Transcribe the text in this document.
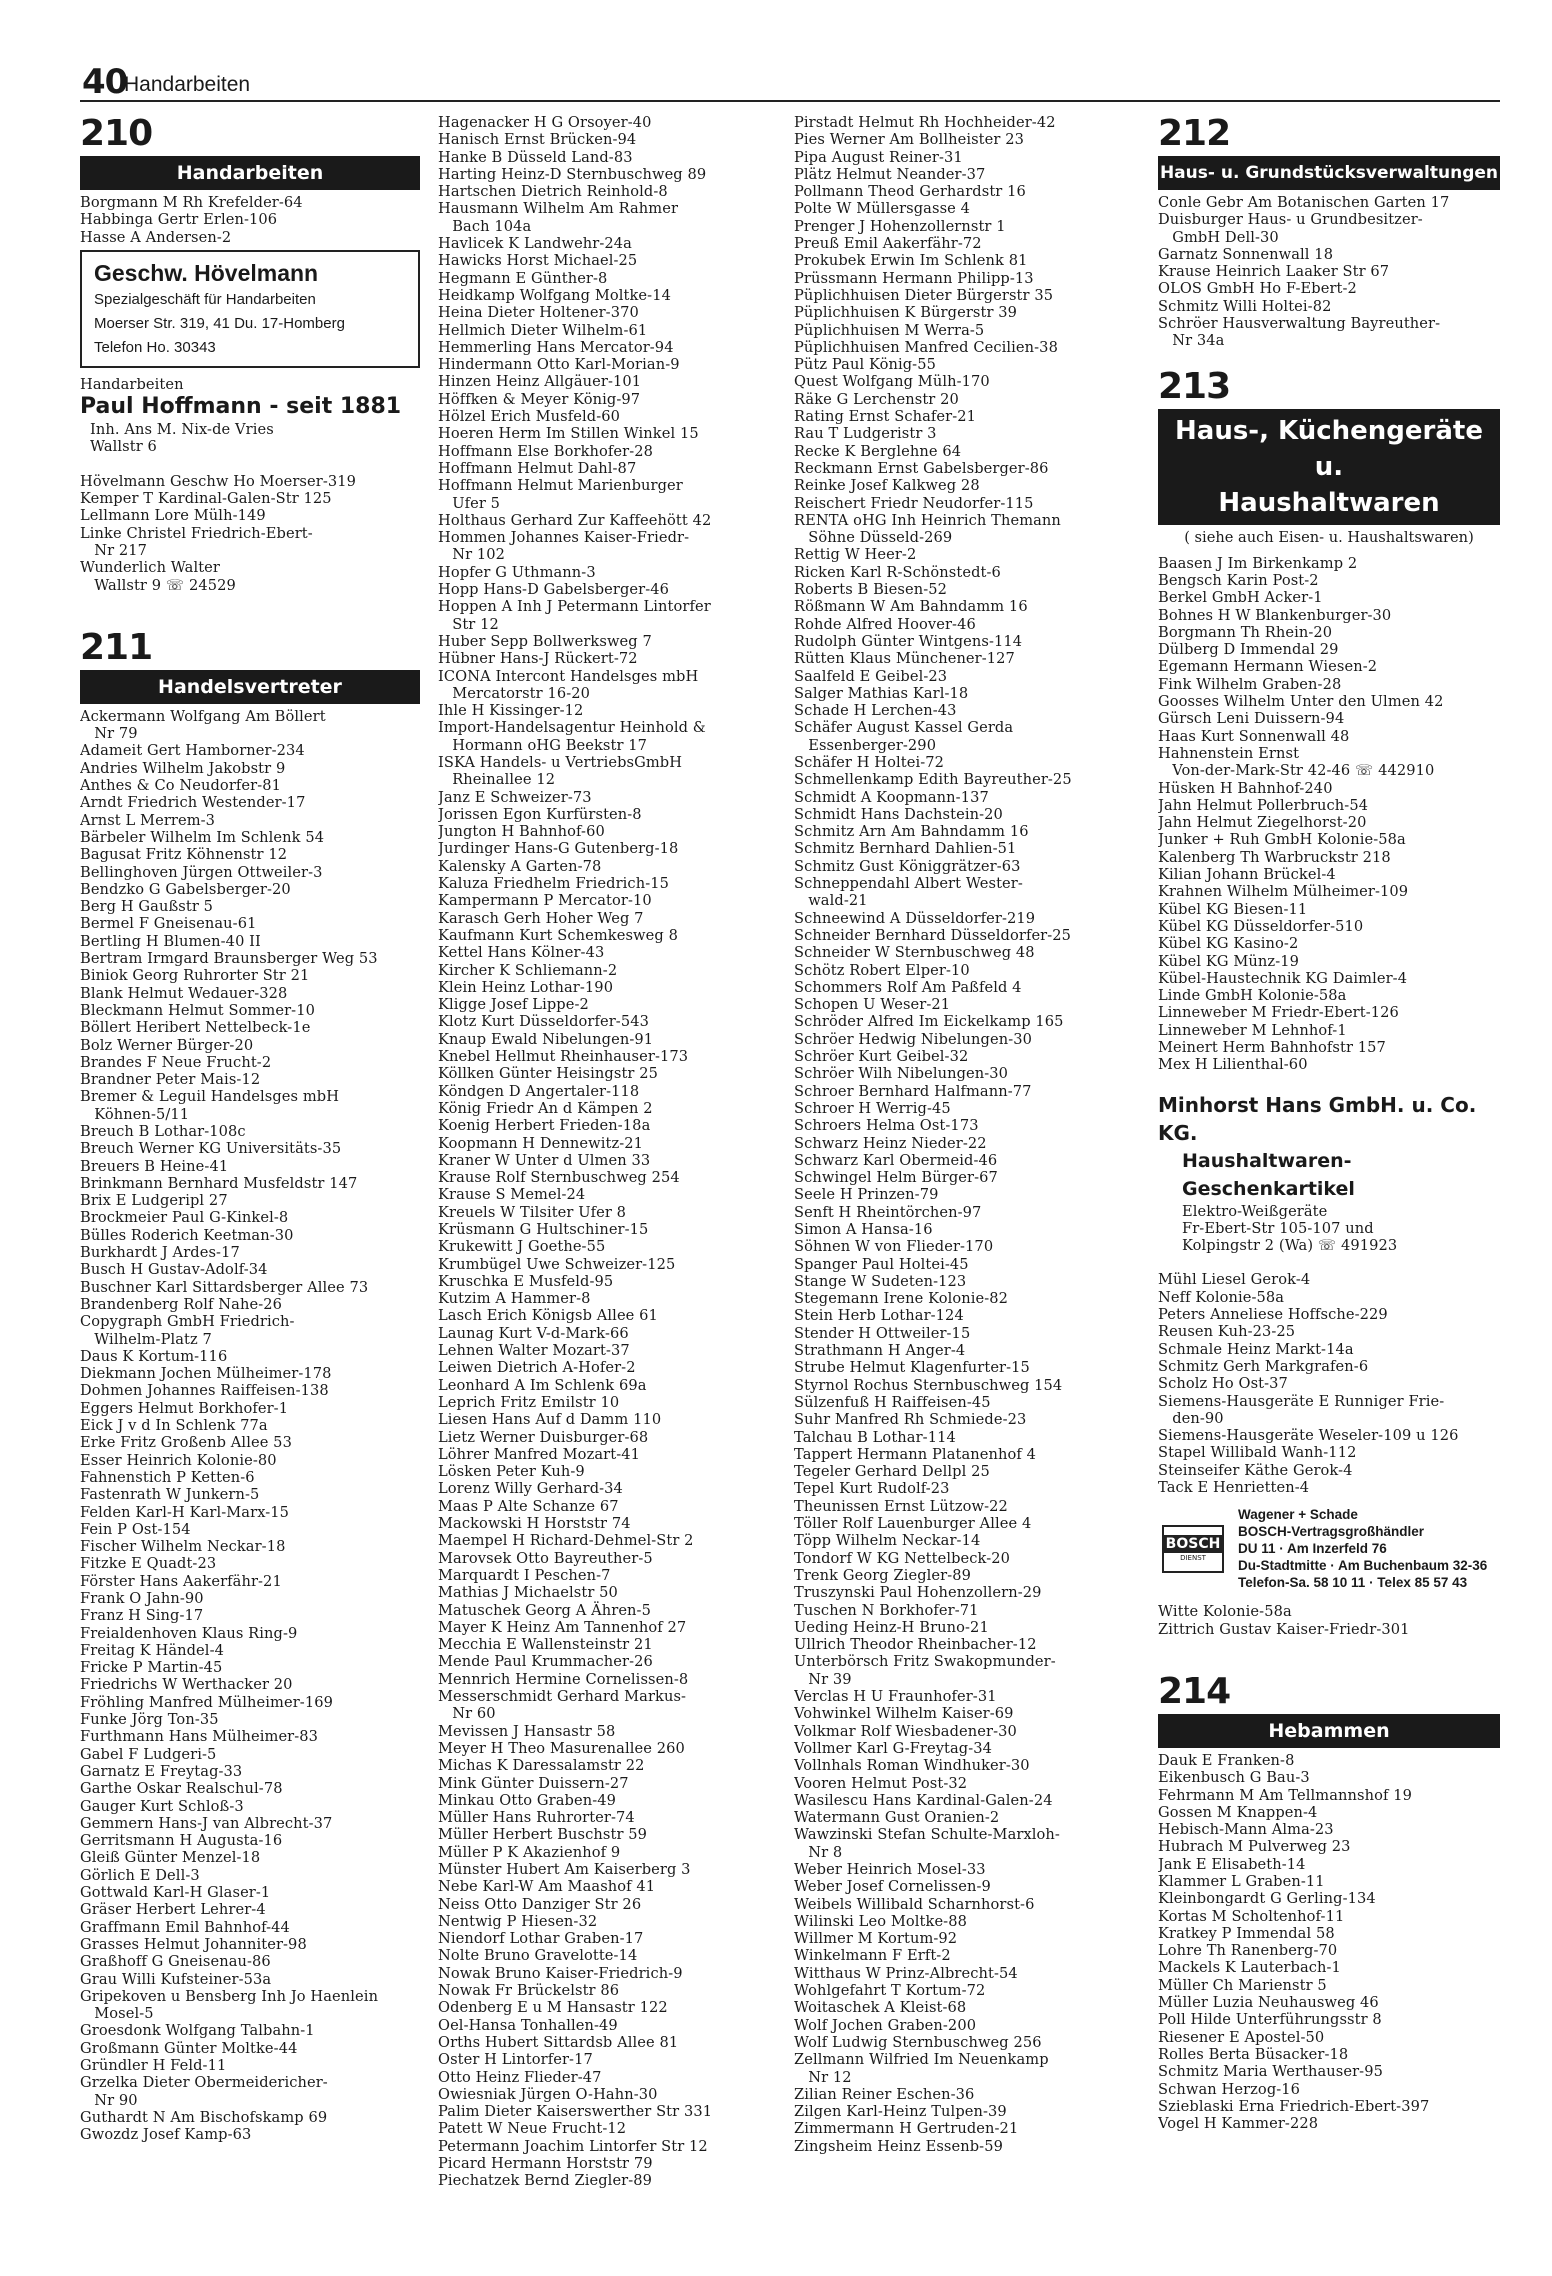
40
Handarbeiten
210
Handarbeiten
Borgmann M Rh Krefelder-64
Habbinga Gertr Erlen-106
Hasse A Andersen-2
Geschw. Hövelmann
Spezialgeschäft für Handarbeiten
Moerser Str. 319, 41 Du. 17-Homberg
Telefon Ho. 30343
Handarbeiten
Paul Hoffmann - seit 1881
Inh. Ans M. Nix-de Vries
Wallstr 6
Hövelmann Geschw Ho Moerser-319
Kemper T Kardinal-Galen-Str 125
Lellmann Lore Mülh-149
Linke Christel Friedrich-Ebert-
Nr 217
Wunderlich Walter
Wallstr 9 ☏ 24529
211
Handelsvertreter
Ackermann Wolfgang Am Böllert
Nr 79
Adameit Gert Hamborner-234
Andries Wilhelm Jakobstr 9
Anthes & Co Neudorfer-81
Arndt Friedrich Westender-17
Arnst L Merrem-3
Bärbeler Wilhelm Im Schlenk 54
Bagusat Fritz Köhnenstr 12
Bellinghoven Jürgen Ottweiler-3
Bendzko G Gabelsberger-20
Berg H Gaußstr 5
Bermel F Gneisenau-61
Bertling H Blumen-40 II
Bertram Irmgard Braunsberger Weg 53
Biniok Georg Ruhrorter Str 21
Blank Helmut Wedauer-328
Bleckmann Helmut Sommer-10
Böllert Heribert Nettelbeck-1e
Bolz Werner Bürger-20
Brandes F Neue Frucht-2
Brandner Peter Mais-12
Bremer & Leguil Handelsges mbH
Köhnen-5/11
Breuch B Lothar-108c
Breuch Werner KG Universitäts-35
Breuers B Heine-41
Brinkmann Bernhard Musfeldstr 147
Brix E Ludgeripl 27
Brockmeier Paul G-Kinkel-8
Bülles Roderich Keetman-30
Burkhardt J Ardes-17
Busch H Gustav-Adolf-34
Buschner Karl Sittardsberger Allee 73
Brandenberg Rolf Nahe-26
Copygraph GmbH Friedrich-
Wilhelm-Platz 7
Daus K Kortum-116
Diekmann Jochen Mülheimer-178
Dohmen Johannes Raiffeisen-138
Eggers Helmut Borkhofer-1
Eick J v d In Schlenk 77a
Erke Fritz Großenb Allee 53
Esser Heinrich Kolonie-80
Fahnenstich P Ketten-6
Fastenrath W Junkern-5
Felden Karl-H Karl-Marx-15
Fein P Ost-154
Fischer Wilhelm Neckar-18
Fitzke E Quadt-23
Förster Hans Aakerfähr-21
Frank O Jahn-90
Franz H Sing-17
Freialdenhoven Klaus Ring-9
Freitag K Händel-4
Fricke P Martin-45
Friedrichs W Werthacker 20
Fröhling Manfred Mülheimer-169
Funke Jörg Ton-35
Furthmann Hans Mülheimer-83
Gabel F Ludgeri-5
Garnatz E Freytag-33
Garthe Oskar Realschul-78
Gauger Kurt Schloß-3
Gemmern Hans-J van Albrecht-37
Gerritsmann H Augusta-16
Gleiß Günter Menzel-18
Görlich E Dell-3
Gottwald Karl-H Glaser-1
Gräser Herbert Lehrer-4
Graffmann Emil Bahnhof-44
Grasses Helmut Johanniter-98
Graßhoff G Gneisenau-86
Grau Willi Kufsteiner-53a
Gripekoven u Bensberg Inh Jo Haenlein
Mosel-5
Groesdonk Wolfgang Talbahn-1
Großmann Günter Moltke-44
Gründler H Feld-11
Grzelka Dieter Obermeidericher-
Nr 90
Guthardt N Am Bischofskamp 69
Gwozdz Josef Kamp-63
Hagenacker H G Orsoyer-40
Hanisch Ernst Brücken-94
Hanke B Düsseld Land-83
Harting Heinz-D Sternbuschweg 89
Hartschen Dietrich Reinhold-8
Hausmann Wilhelm Am Rahmer
Bach 104a
Havlicek K Landwehr-24a
Hawicks Horst Michael-25
Hegmann E Günther-8
Heidkamp Wolfgang Moltke-14
Heina Dieter Holtener-370
Hellmich Dieter Wilhelm-61
Hemmerling Hans Mercator-94
Hindermann Otto Karl-Morian-9
Hinzen Heinz Allgäuer-101
Höffken & Meyer König-97
Hölzel Erich Musfeld-60
Hoeren Herm Im Stillen Winkel 15
Hoffmann Else Borkhofer-28
Hoffmann Helmut Dahl-87
Hoffmann Helmut Marienburger
Ufer 5
Holthaus Gerhard Zur Kaffeehött 42
Hommen Johannes Kaiser-Friedr-
Nr 102
Hopfer G Uthmann-3
Hopp Hans-D Gabelsberger-46
Hoppen A Inh J Petermann Lintorfer
Str 12
Huber Sepp Bollwerksweg 7
Hübner Hans-J Rückert-72
ICONA Intercont Handelsges mbH
Mercatorstr 16-20
Ihle H Kissinger-12
Import-Handelsagentur Heinhold &
Hormann oHG Beekstr 17
ISKA Handels- u VertriebsGmbH
Rheinallee 12
Janz E Schweizer-73
Jorissen Egon Kurfürsten-8
Jungton H Bahnhof-60
Jurdinger Hans-G Gutenberg-18
Kalensky A Garten-78
Kaluza Friedhelm Friedrich-15
Kampermann P Mercator-10
Karasch Gerh Hoher Weg 7
Kaufmann Kurt Schemkesweg 8
Kettel Hans Kölner-43
Kircher K Schliemann-2
Klein Heinz Lothar-190
Kligge Josef Lippe-2
Klotz Kurt Düsseldorfer-543
Knaup Ewald Nibelungen-91
Knebel Hellmut Rheinhauser-173
Köllken Günter Heisingstr 25
Köndgen D Angertaler-118
König Friedr An d Kämpen 2
Koenig Herbert Frieden-18a
Koopmann H Dennewitz-21
Kraner W Unter d Ulmen 33
Krause Rolf Sternbuschweg 254
Krause S Memel-24
Kreuels W Tilsiter Ufer 8
Krüsmann G Hultschiner-15
Krukewitt J Goethe-55
Krumbügel Uwe Schweizer-125
Kruschka E Musfeld-95
Kutzim A Hammer-8
Lasch Erich Königsb Allee 61
Launag Kurt V-d-Mark-66
Lehnen Walter Mozart-37
Leiwen Dietrich A-Hofer-2
Leonhard A Im Schlenk 69a
Leprich Fritz Emilstr 10
Liesen Hans Auf d Damm 110
Lietz Werner Duisburger-68
Löhrer Manfred Mozart-41
Lösken Peter Kuh-9
Lorenz Willy Gerhard-34
Maas P Alte Schanze 67
Mackowski H Horststr 74
Maempel H Richard-Dehmel-Str 2
Marovsek Otto Bayreuther-5
Marquardt I Peschen-7
Mathias J Michaelstr 50
Matuschek Georg A Ähren-5
Mayer K Heinz Am Tannenhof 27
Mecchia E Wallensteinstr 21
Mende Paul Krummacher-26
Mennrich Hermine Cornelissen-8
Messerschmidt Gerhard Markus-
Nr 60
Mevissen J Hansastr 58
Meyer H Theo Masurenallee 260
Michas K Daressalamstr 22
Mink Günter Duissern-27
Minkau Otto Graben-49
Müller Hans Ruhrorter-74
Müller Herbert Buschstr 59
Müller P K Akazienhof 9
Münster Hubert Am Kaiserberg 3
Nebe Karl-W Am Maashof 41
Neiss Otto Danziger Str 26
Nentwig P Hiesen-32
Niendorf Lothar Graben-17
Nolte Bruno Gravelotte-14
Nowak Bruno Kaiser-Friedrich-9
Nowak Fr Brückelstr 86
Odenberg E u M Hansastr 122
Oel-Hansa Tonhallen-49
Orths Hubert Sittardsb Allee 81
Oster H Lintorfer-17
Otto Heinz Flieder-47
Owiesniak Jürgen O-Hahn-30
Palim Dieter Kaiserswerther Str 331
Patett W Neue Frucht-12
Petermann Joachim Lintorfer Str 12
Picard Hermann Horststr 79
Piechatzek Bernd Ziegler-89
Pirstadt Helmut Rh Hochheider-42
Pies Werner Am Bollheister 23
Pipa August Reiner-31
Plätz Helmut Neander-37
Pollmann Theod Gerhardstr 16
Polte W Müllersgasse 4
Prenger J Hohenzollernstr 1
Preuß Emil Aakerfähr-72
Prokubek Erwin Im Schlenk 81
Prüssmann Hermann Philipp-13
Püplichhuisen Dieter Bürgerstr 35
Püplichhuisen K Bürgerstr 39
Püplichhuisen M Werra-5
Püplichhuisen Manfred Cecilien-38
Pütz Paul König-55
Quest Wolfgang Mülh-170
Räke G Lerchenstr 20
Rating Ernst Schafer-21
Rau T Ludgeristr 3
Recke K Berglehne 64
Reckmann Ernst Gabelsberger-86
Reinke Josef Kalkweg 28
Reischert Friedr Neudorfer-115
RENTA oHG Inh Heinrich Themann
Söhne Düsseld-269
Rettig W Heer-2
Ricken Karl R-Schönstedt-6
Roberts B Biesen-52
Rößmann W Am Bahndamm 16
Rohde Alfred Hoover-46
Rudolph Günter Wintgens-114
Rütten Klaus Münchener-127
Saalfeld E Geibel-23
Salger Mathias Karl-18
Schade H Lerchen-43
Schäfer August Kassel Gerda
Essenberger-290
Schäfer H Holtei-72
Schmellenkamp Edith Bayreuther-25
Schmidt A Koopmann-137
Schmidt Hans Dachstein-20
Schmitz Arn Am Bahndamm 16
Schmitz Bernhard Dahlien-51
Schmitz Gust Königgrätzer-63
Schneppendahl Albert Wester-
wald-21
Schneewind A Düsseldorfer-219
Schneider Bernhard Düsseldorfer-25
Schneider W Sternbuschweg 48
Schötz Robert Elper-10
Schommers Rolf Am Paßfeld 4
Schopen U Weser-21
Schröder Alfred Im Eickelkamp 165
Schröer Hedwig Nibelungen-30
Schröer Kurt Geibel-32
Schröer Wilh Nibelungen-30
Schroer Bernhard Halfmann-77
Schroer H Werrig-45
Schroers Helma Ost-173
Schwarz Heinz Nieder-22
Schwarz Karl Obermeid-46
Schwingel Helm Bürger-67
Seele H Prinzen-79
Senft H Rheintörchen-97
Simon A Hansa-16
Söhnen W von Flieder-170
Spanger Paul Holtei-45
Stange W Sudeten-123
Stegemann Irene Kolonie-82
Stein Herb Lothar-124
Stender H Ottweiler-15
Strathmann H Anger-4
Strube Helmut Klagenfurter-15
Styrnol Rochus Sternbuschweg 154
Sülzenfuß H Raiffeisen-45
Suhr Manfred Rh Schmiede-23
Talchau B Lothar-114
Tappert Hermann Platanenhof 4
Tegeler Gerhard Dellpl 25
Tepel Kurt Rudolf-23
Theunissen Ernst Lützow-22
Töller Rolf Lauenburger Allee 4
Töpp Wilhelm Neckar-14
Tondorf W KG Nettelbeck-20
Trenk Georg Ziegler-89
Truszynski Paul Hohenzollern-29
Tuschen N Borkhofer-71
Ueding Heinz-H Bruno-21
Ullrich Theodor Rheinbacher-12
Unterbörsch Fritz Swakopmunder-
Nr 39
Verclas H U Fraunhofer-31
Vohwinkel Wilhelm Kaiser-69
Volkmar Rolf Wiesbadener-30
Vollmer Karl G-Freytag-34
Vollnhals Roman Windhuker-30
Vooren Helmut Post-32
Wasilescu Hans Kardinal-Galen-24
Watermann Gust Oranien-2
Wawzinski Stefan Schulte-Marxloh-
Nr 8
Weber Heinrich Mosel-33
Weber Josef Cornelissen-9
Weibels Willibald Scharnhorst-6
Wilinski Leo Moltke-88
Willmer M Kortum-92
Winkelmann F Erft-2
Witthaus W Prinz-Albrecht-54
Wohlgefahrt T Kortum-72
Woitaschek A Kleist-68
Wolf Jochen Graben-200
Wolf Ludwig Sternbuschweg 256
Zellmann Wilfried Im Neuenkamp
Nr 12
Zilian Reiner Eschen-36
Zilgen Karl-Heinz Tulpen-39
Zimmermann H Gertruden-21
Zingsheim Heinz Essenb-59
212
Haus- u. Grundstücksverwaltungen
Conle Gebr Am Botanischen Garten 17
Duisburger Haus- u Grundbesitzer-
GmbH Dell-30
Garnatz Sonnenwall 18
Krause Heinrich Laaker Str 67
OLOS GmbH Ho F-Ebert-2
Schmitz Willi Holtei-82
Schröer Hausverwaltung Bayreuther-
Nr 34a
213
Haus-, Küchengeräte u.
Haushaltwaren
( siehe auch Eisen- u. Haushaltswaren)
Baasen J Im Birkenkamp 2
Bengsch Karin Post-2
Berkel GmbH Acker-1
Bohnes H W Blankenburger-30
Borgmann Th Rhein-20
Dülberg D Immendal 29
Egemann Hermann Wiesen-2
Fink Wilhelm Graben-28
Goosses Wilhelm Unter den Ulmen 42
Gürsch Leni Duissern-94
Haas Kurt Sonnenwall 48
Hahnenstein Ernst
Von-der-Mark-Str 42-46 ☏ 442910
Hüsken H Bahnhof-240
Jahn Helmut Pollerbruch-54
Jahn Helmut Ziegelhorst-20
Junker + Ruh GmbH Kolonie-58a
Kalenberg Th Warbruckstr 218
Kilian Johann Brückel-4
Krahnen Wilhelm Mülheimer-109
Kübel KG Biesen-11
Kübel KG Düsseldorfer-510
Kübel KG Kasino-2
Kübel KG Münz-19
Kübel-Haustechnik KG Daimler-4
Linde GmbH Kolonie-58a
Linneweber M Friedr-Ebert-126
Linneweber M Lehnhof-1
Meinert Herm Bahnhofstr 157
Mex H Lilienthal-60
Minhorst Hans GmbH. u. Co. KG.
Haushaltwaren-Geschenkartikel
Elektro-Weißgeräte
Fr-Ebert-Str 105-107 und
Kolpingstr 2 (Wa) ☏ 491923
Mühl Liesel Gerok-4
Neff Kolonie-58a
Peters Anneliese Hoffsche-229
Reusen Kuh-23-25
Schmale Heinz Markt-14a
Schmitz Gerh Markgrafen-6
Scholz Ho Ost-37
Siemens-Hausgeräte E Runniger Frie-
den-90
Siemens-Hausgeräte Weseler-109 u 126
Stapel Willibald Wanh-112
Steinseifer Käthe Gerok-4
Tack E Henrietten-4
BOSCH
DIENST
Wagener + Schade
BOSCH-Vertragsgroßhändler
DU 11 · Am Inzerfeld 76
Du-Stadtmitte · Am Buchenbaum 32-36
Telefon-Sa. 58 10 11 · Telex 85 57 43
Witte Kolonie-58a
Zittrich Gustav Kaiser-Friedr-301
214
Hebammen
Dauk E Franken-8
Eikenbusch G Bau-3
Fehrmann M Am Tellmannshof 19
Gossen M Knappen-4
Hebisch-Mann Alma-23
Hubrach M Pulverweg 23
Jank E Elisabeth-14
Klammer L Graben-11
Kleinbongardt G Gerling-134
Kortas M Scholtenhof-11
Kratkey P Immendal 58
Lohre Th Ranenberg-70
Mackels K Lauterbach-1
Müller Ch Marienstr 5
Müller Luzia Neuhausweg 46
Poll Hilde Unterführungsstr 8
Riesener E Apostel-50
Rolles Berta Büsacker-18
Schmitz Maria Werthauser-95
Schwan Herzog-16
Szieblaski Erna Friedrich-Ebert-397
Vogel H Kammer-228
